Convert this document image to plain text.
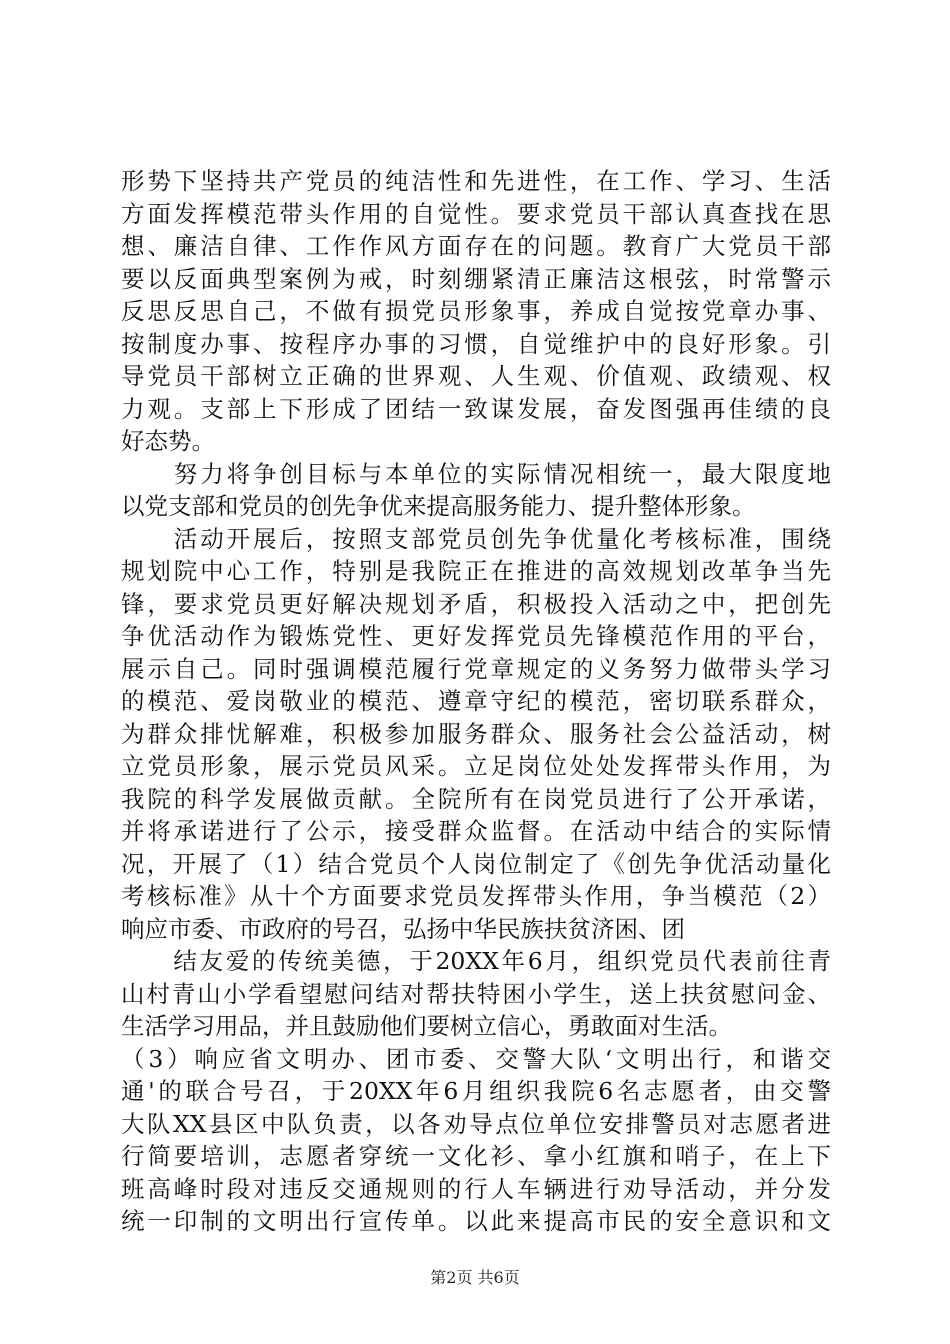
形势下坚持共产党员的纯洁性和先进性，在工作、学习、生活
方面发挥模范带头作用的自觉性。要求党员干部认真查找在思
想、廉洁自律、工作作风方面存在的问题。教育广大党员干部
要以反面典型案例为戒，时刻绷紧清正廉洁这根弦，时常警示
反思反思自己，不做有损党员形象事，养成自觉按党章办事、
按制度办事、按程序办事的习惯，自觉维护中的良好形象。引
导党员干部树立正确的世界观、人生观、价值观、政绩观、权
力观。支部上下形成了团结一致谋发展，奋发图强再佳绩的良
好态势。
　　努力将争创目标与本单位的实际情况相统一，最大限度地
以党支部和党员的创先争优来提高服务能力、提升整体形象。
　　活动开展后，按照支部党员创先争优量化考核标准，围绕
规划院中心工作，特别是我院正在推进的高效规划改革争当先
锋，要求党员更好解决规划矛盾，积极投入活动之中，把创先
争优活动作为锻炼党性、更好发挥党员先锋模范作用的平台，
展示自己。同时强调模范履行党章规定的义务努力做带头学习
的模范、爱岗敬业的模范、遵章守纪的模范，密切联系群众，
为群众排忧解难，积极参加服务群众、服务社会公益活动，树
立党员形象，展示党员风采。立足岗位处处发挥带头作用，为
我院的科学发展做贡献。全院所有在岗党员进行了公开承诺，
并将承诺进行了公示，接受群众监督。在活动中结合的实际情
况，开展了（1）结合党员个人岗位制定了《创先争优活动量化
考核标准》从十个方面要求党员发挥带头作用，争当模范（2）
响应市委、市政府的号召，弘扬中华民族扶贫济困、团
　　结友爱的传统美德，于20XX年6月，组织党员代表前往青
山村青山小学看望慰问结对帮扶特困小学生，送上扶贫慰问金、
生活学习用品，并且鼓励他们要树立信心，勇敢面对生活。
（3）响应省文明办、团市委、交警大队‘文明出行，和谐交
通'的联合号召，于20XX年6月组织我院6名志愿者，由交警
大队XX县区中队负责，以各劝导点位单位安排警员对志愿者进
行简要培训，志愿者穿统一文化衫、拿小红旗和哨子，在上下
班高峰时段对违反交通规则的行人车辆进行劝导活动，并分发
统一印制的文明出行宣传单。以此来提高市民的安全意识和文
第2页 共6页
